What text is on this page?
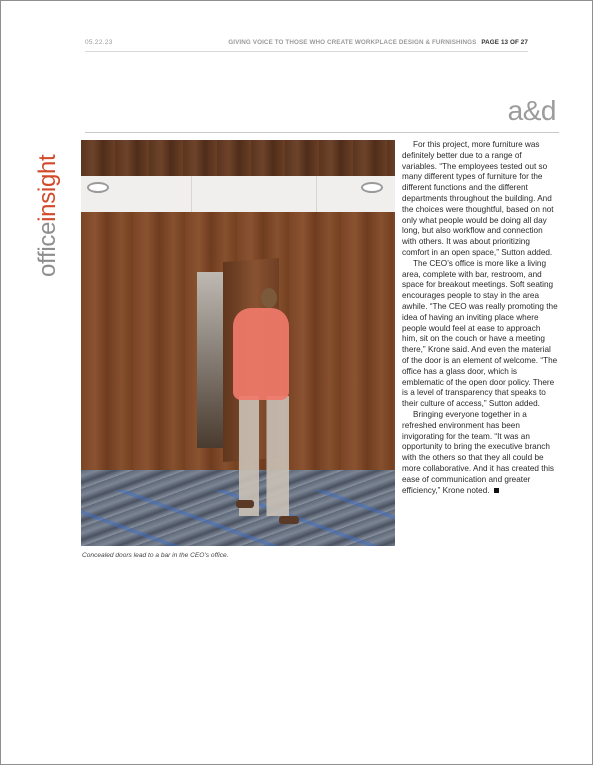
05.22.23	GIVING VOICE TO THOSE WHO CREATE WORKPLACE DESIGN & FURNISHINGS PAGE 13 OF 27
a&d
officeinsight
Concealed doors lead to a bar in the CEO’s office.

For this project, more furniture was definitely better due to a range of variables. “The employees tested out so many different types of furniture for the different functions and the different departments throughout the building. And the choices were thoughtful, based on not only what people would be doing all day long, but also workflow and connection with others. It was about prioritizing comfort in an open space,” Sutton added.

The CEO’s office is more like a living area, complete with bar, restroom, and space for breakout meetings. Soft seating encourages people to stay in the area awhile. “The CEO was really promoting the idea of having an inviting place where people would feel at ease to approach him, sit on the couch or have a meeting there,” Krone said. And even the material of the door is an element of welcome. “The office has a glass door, which is emblematic of the open door policy. There is a level of transparency that speaks to their culture of access,” Sutton added.

Bringing everyone together in a refreshed environment has been invigorating for the team. “It was an opportunity to bring the executive branch with the others so that they all could be more collaborative. And it has created this ease of communication and greater efficiency,” Krone noted.
